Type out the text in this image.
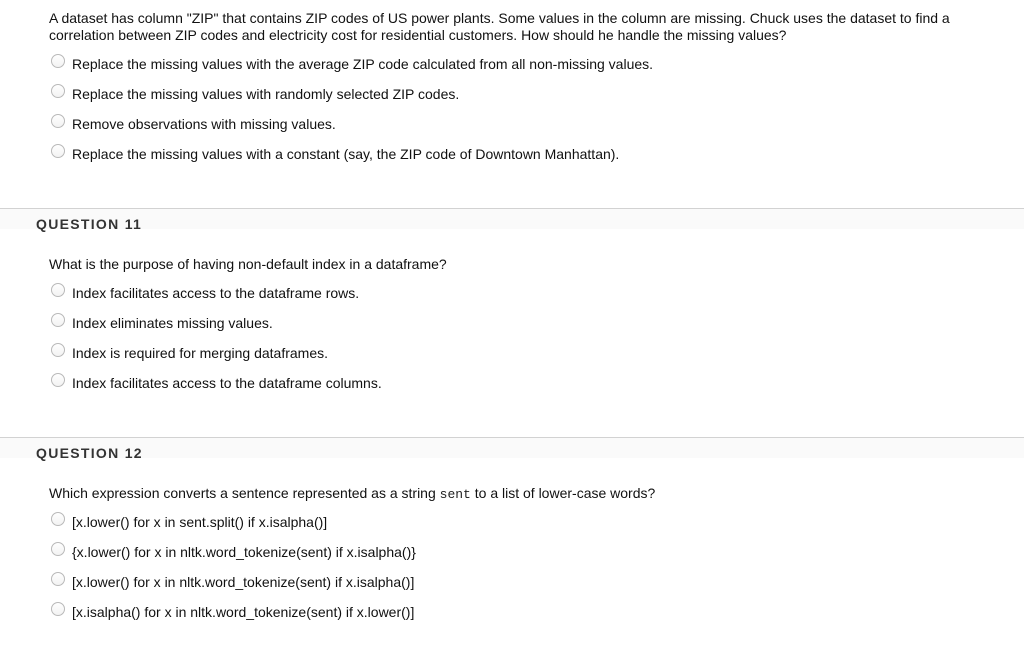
A dataset has column "ZIP" that contains ZIP codes of US power plants. Some values in the column are missing. Chuck uses the dataset to find a correlation between ZIP codes and electricity cost for residential customers. How should he handle the missing values?
Replace the missing values with the average ZIP code calculated from all non-missing values.
Replace the missing values with randomly selected ZIP codes.
Remove observations with missing values.
Replace the missing values with a constant (say, the ZIP code of Downtown Manhattan).
QUESTION 11
What is the purpose of having non-default index in a dataframe?
Index facilitates access to the dataframe rows.
Index eliminates missing values.
Index is required for merging dataframes.
Index facilitates access to the dataframe columns.
QUESTION 12
Which expression converts a sentence represented as a string sent to a list of lower-case words?
[x.lower() for x in sent.split() if x.isalpha()]
{x.lower() for x in nltk.word_tokenize(sent) if x.isalpha()}
[x.lower() for x in nltk.word_tokenize(sent) if x.isalpha()]
[x.isalpha() for x in nltk.word_tokenize(sent) if x.lower()]
